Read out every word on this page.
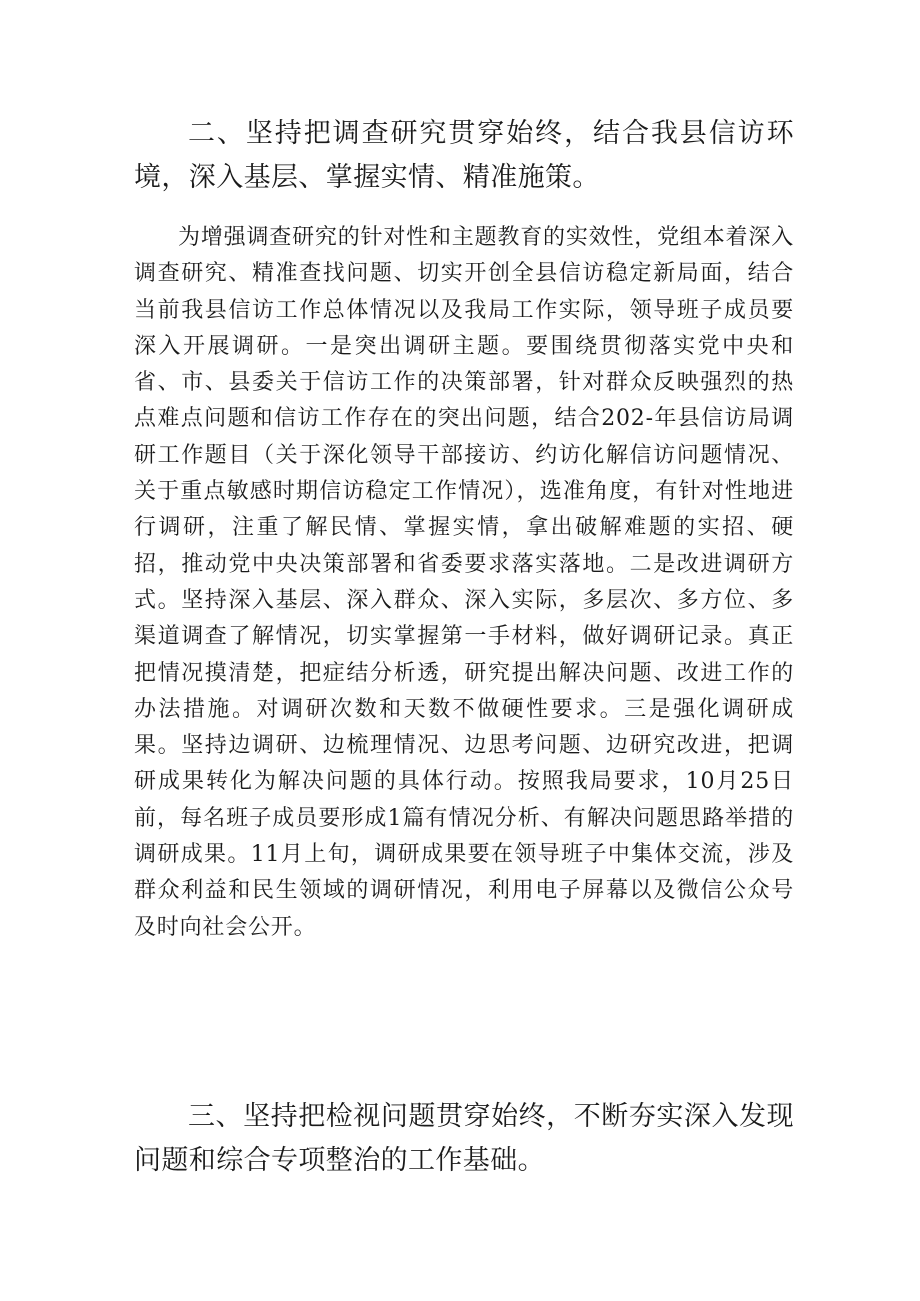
二、坚持把调查研究贯穿始终，结合我县信访环境，深入基层、掌握实情、精准施策。

为增强调查研究的针对性和主题教育的实效性，党组本着深入调查研究、精准查找问题、切实开创全县信访稳定新局面，结合当前我县信访工作总体情况以及我局工作实际，领导班子成员要深入开展调研。一是突出调研主题。要围绕贯彻落实党中央和省、市、县委关于信访工作的决策部署，针对群众反映强烈的热点难点问题和信访工作存在的突出问题，结合202-年县信访局调研工作题目（关于深化领导干部接访、约访化解信访问题情况、关于重点敏感时期信访稳定工作情况），选准角度，有针对性地进行调研，注重了解民情、掌握实情，拿出破解难题的实招、硬招，推动党中央决策部署和省委要求落实落地。二是改进调研方式。坚持深入基层、深入群众、深入实际，多层次、多方位、多渠道调查了解情况，切实掌握第一手材料，做好调研记录。真正把情况摸清楚，把症结分析透，研究提出解决问题、改进工作的办法措施。对调研次数和天数不做硬性要求。三是强化调研成果。坚持边调研、边梳理情况、边思考问题、边研究改进，把调研成果转化为解决问题的具体行动。按照我局要求，10月25日前，每名班子成员要形成1篇有情况分析、有解决问题思路举措的调研成果。11月上旬，调研成果要在领导班子中集体交流，涉及群众利益和民生领域的调研情况，利用电子屏幕以及微信公众号及时向社会公开。

三、坚持把检视问题贯穿始终，不断夯实深入发现问题和综合专项整治的工作基础。
